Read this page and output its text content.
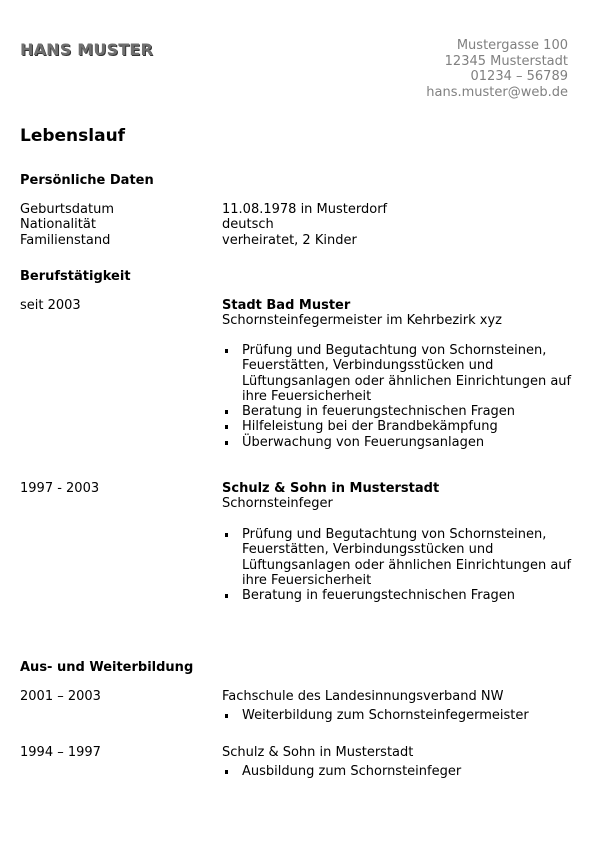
HANS MUSTER	Mustergasse 100
12345 Musterstadt
01234 – 56789
hans.muster@web.de
Lebenslauf
Persönliche Daten
Geburtsdatum	11.08.1978 in Musterdorf
Nationalität	deutsch
Familienstand	verheiratet, 2 Kinder
Berufstätigkeit
seit 2003	Stadt Bad Muster
Schornsteinfegermeister im Kehrbezirk xyz
Prüfung und Begutachtung von Schornsteinen, Feuerstätten, Verbindungsstücken und Lüftungsanlagen oder ähnlichen Einrichtungen auf ihre Feuersicherheit
Beratung in feuerungstechnischen Fragen
Hilfeleistung bei der Brandbekämpfung
Überwachung von Feuerungsanlagen
1997 - 2003	Schulz & Sohn in Musterstadt
Schornsteinfeger
Prüfung und Begutachtung von Schornsteinen, Feuerstätten, Verbindungsstücken und Lüftungsanlagen oder ähnlichen Einrichtungen auf ihre Feuersicherheit
Beratung in feuerungstechnischen Fragen
Aus- und Weiterbildung
2001 – 2003	Fachschule des Landesinnungsverband NW
Weiterbildung zum Schornsteinfegermeister
1994 – 1997	Schulz & Sohn in Musterstadt
Ausbildung zum Schornsteinfeger
